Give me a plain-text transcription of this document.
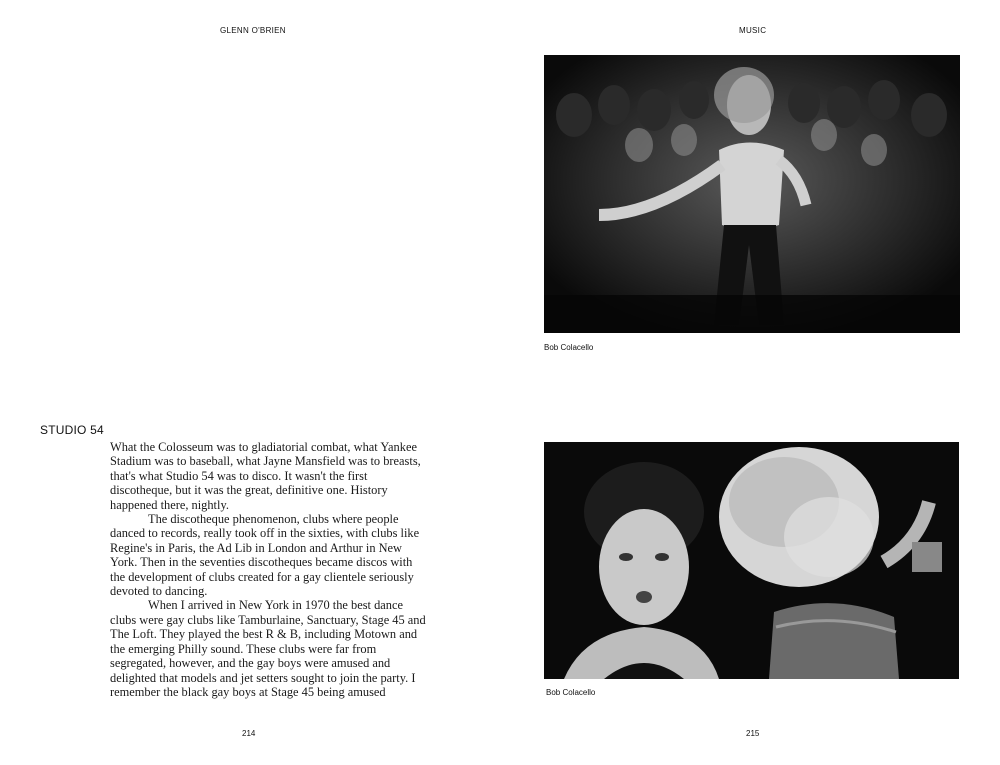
GLENN O'BRIEN
STUDIO 54

What the Colosseum was to gladiatorial combat, what Yankee Stadium was to baseball, what Jayne Mansfield was to breasts, that's what Studio 54 was to disco. It wasn't the first discotheque, but it was the great, definitive one. History happened there, nightly.

The discotheque phenomenon, clubs where people danced to records, really took off in the sixties, with clubs like Regine's in Paris, the Ad Lib in London and Arthur in New York. Then in the seventies discotheques became discos with the development of clubs created for a gay clientele seriously devoted to dancing.

When I arrived in New York in 1970 the best dance clubs were gay clubs like Tamburlaine, Sanctuary, Stage 45 and The Loft. They played the best R & B, including Motown and the emerging Philly sound. These clubs were far from segregated, however, and the gay boys were amused and delighted that models and jet setters sought to join the party. I remember the black gay boys at Stage 45 being amused

214
MUSIC
Bob Colacello
Bob Colacello
215
